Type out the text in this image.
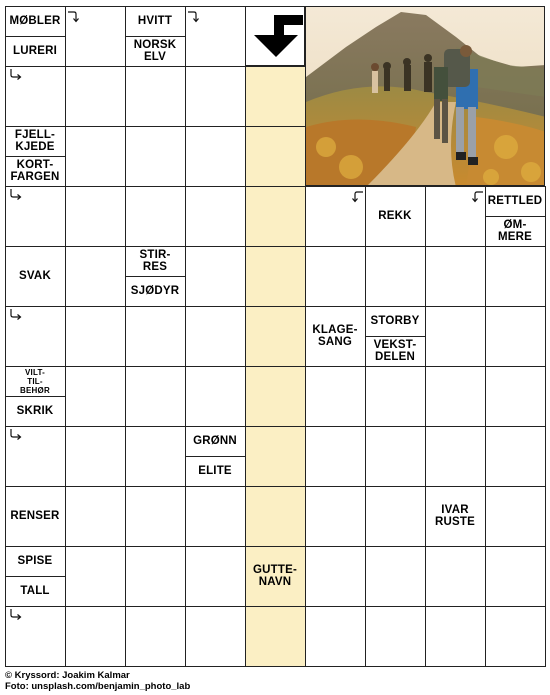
MØBLER
LURERI
HVITT
NORSK
ELV
FJELL-
KJEDE
KORT-
FARGEN
REKK
RETTLED
ØM-
MERE
SVAK
STIR-
RES
SJØDYR
KLAGE-
SANG
STORBY
VEKST-
DELEN
VILT-
TIL-
BEHØR
SKRIK
GRØNN
ELITE
RENSER	IVAR
RUSTE
SPISE
TALL
GUTTE-
NAVN
© Kryssord: Joakim Kalmar
Foto: unsplash.com/benjamin_photo_lab
